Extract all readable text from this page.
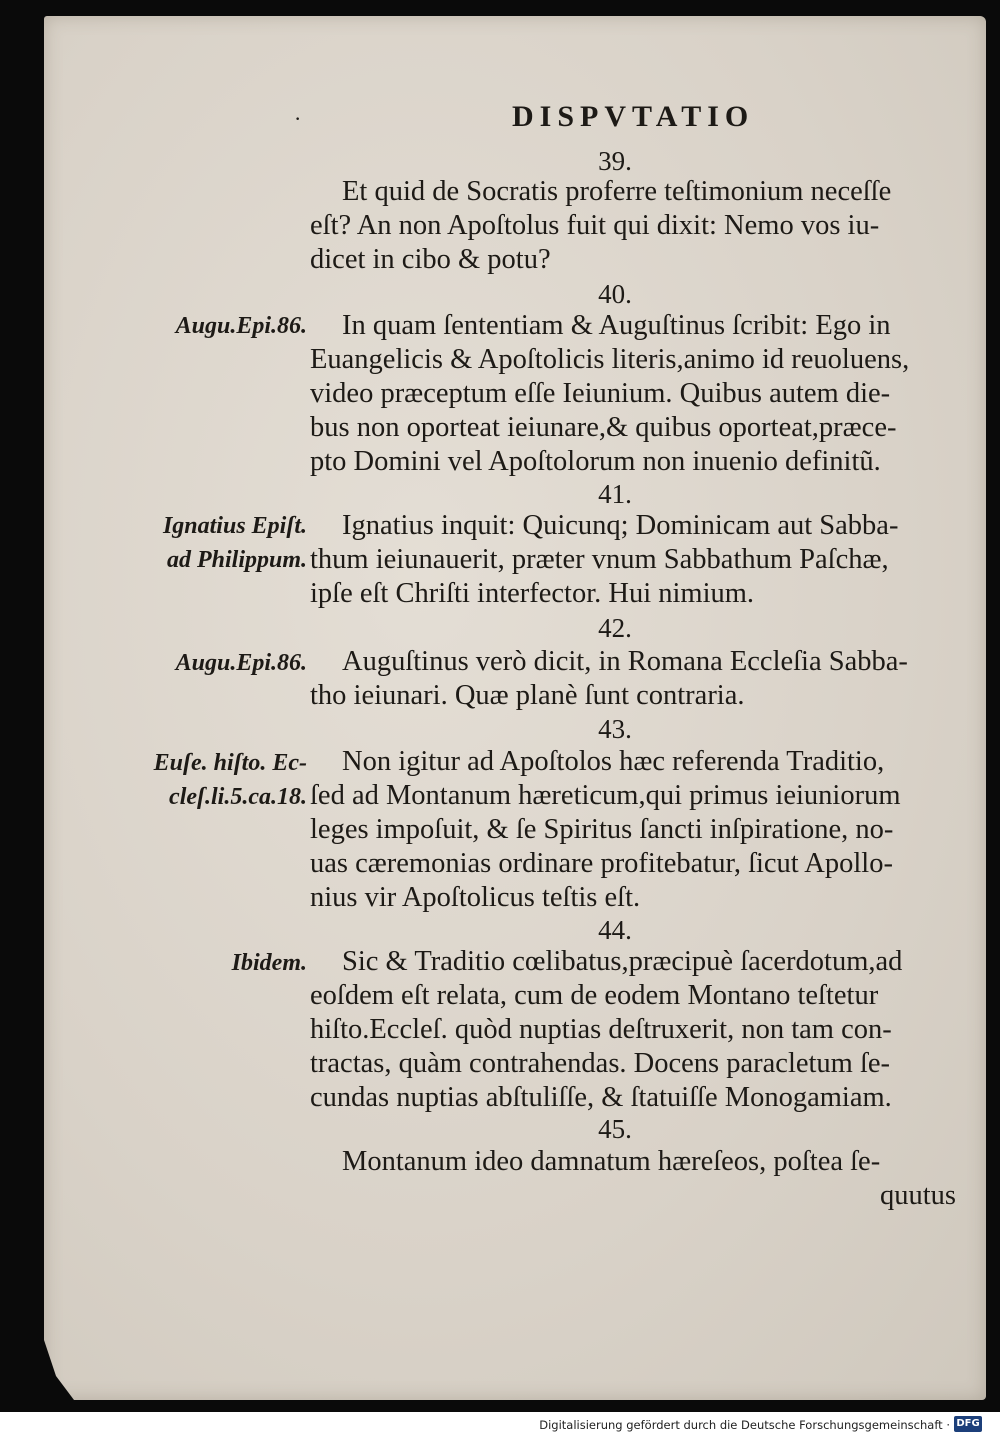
·	DISPVTATIO
39.
Et quid de Socratis proferre teſtimonium neceſſe
eſt? An non Apoſtolus fuit qui dixit: Nemo vos iu‑
dicet in cibo & potu?
40.
Augu.Epi.86. In quam ſententiam & Auguſtinus ſcribit: Ego in
Euangelicis & Apoſtolicis literis,animo id reuoluens,
video præceptum eſſe Ieiunium. Quibus autem die‑
bus non oporteat ieiunare,& quibus oporteat,præce‑
pto Domini vel Apoſtolorum non inuenio definitũ.
41.
Ignatius Epiſt.
ad Philippum.
Ignatius inquit: Quicunq; Dominicam aut Sabba‑
thum ieiunauerit, præter vnum Sabbathum Paſchæ,
ipſe eſt Chriſti interfector. Hui nimium.
42.
Augu.Epi.86. Auguſtinus verò dicit, in Romana Eccleſia Sabba‑
tho ieiunari. Quæ planè ſunt contraria.
43.
Euſe. hiſto. Ec-
cleſ.li.5.ca.18.
Non igitur ad Apoſtolos hæc referenda Traditio,
ſed ad Montanum hæreticum,qui primus ieiuniorum
leges impoſuit, & ſe Spiritus ſancti inſpiratione, no‑
uas cæremonias ordinare profitebatur, ſicut Apollo‑
nius vir Apoſtolicus teſtis eſt.
44.
Ibidem. Sic & Traditio cœlibatus,præcipuè ſacerdotum,ad
eoſdem eſt relata, cum de eodem Montano teſtetur
hiſto.Eccleſ. quòd nuptias deſtruxerit, non tam con‑
tractas, quàm contrahendas. Docens paracletum ſe‑
cundas nuptias abſtuliſſe, & ſtatuiſſe Monogamiam.
45.
Montanum ideo damnatum hæreſeos, poſtea ſe‑
quutus
Digitalisierung gefördert durch die Deutsche Forschungsgemeinschaft · DFG
